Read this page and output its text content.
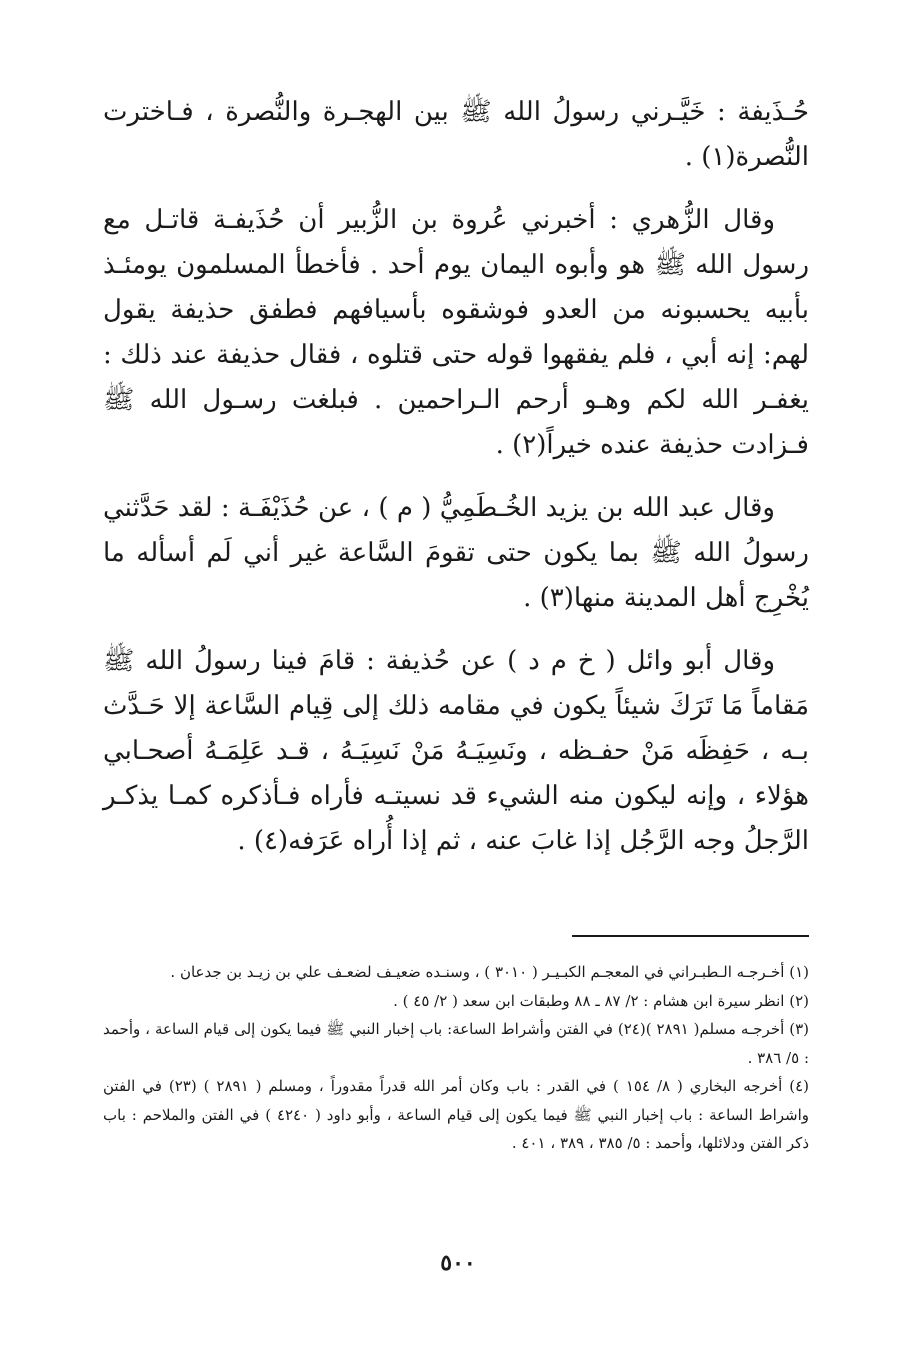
حُـذَيفة : خَيَّـرني رسولُ الله ﷺ بين الهجـرة والنُّصرة ، فـاخترت النُّصرة(١) .

وقال الزُّهري : أخبرني عُروة بن الزُّبير أن حُذَيفـة قاتـل مع رسول الله ﷺ هو وأبوه اليمان يوم أحد . فأخطأ المسلمون يومئـذ بأبيه يحسبونه من العدو فوشقوه بأسيافهم فطفق حذيفة يقول لهم: إنه أبي ، فلم يفقهوا قوله حتى قتلوه ، فقال حذيفة عند ذلك : يغفـر الله لكم وهـو أرحم الـراحمين . فبلغت رسـول الله ﷺ فـزادت حذيفة عنده خيراً(٢) .

وقال عبد الله بن يزيد الخُـطَمِيُّ ( م ) ، عن حُذَيْفَـة : لقد حَدَّثني رسولُ الله ﷺ بما يكون حتى تقومَ السَّاعة غير أني لَم أسأله ما يُخْرِج أهل المدينة منها(٣) .

وقال أبو وائل ( خ م د ) عن حُذيفة : قامَ فينا رسولُ الله ﷺ مَقاماً مَا تَرَكَ شيئاً يكون في مقامه ذلك إلى قِيام السَّاعة إلا حَـدَّث بـه ، حَفِظَه مَنْ حفـظه ، ونَسِيَـهُ مَنْ نَسِيَـهُ ، قـد عَلِمَـهُ أصحـابي هؤلاء ، وإنه ليكون منه الشيء قد نسيتـه فأراه فـأذكره كمـا يذكـر الرَّجلُ وجه الرَّجُل إذا غابَ عنه ، ثم إذا أُراه عَرَفه(٤) .

(١) أخـرجـه الـطبـراني في المعجـم الكبـيـر ( ٣٠١٠ ) ، وسنـده ضعيـف لضعـف علي بن زيـد بن جدعان .

(٢) انظر سيرة ابن هشام : ٢/ ٨٧ ـ ٨٨ وطبقات ابن سعد ( ٢/ ٤٥ ) .

(٣) أخرجـه مسلم( ٢٨٩١ )(٢٤) في الفتن وأشراط الساعة: باب إخبار النبي ﷺ فيما يكون إلى قيام الساعة ، وأحمد : ٥/ ٣٨٦ .

(٤) أخرجه البخاري ( ٨/ ١٥٤ ) في القدر : باب وكان أمر الله قدراً مقدوراً ، ومسلم ( ٢٨٩١ ) (٢٣) في الفتن واشراط الساعة : باب إخبار النبي ﷺ فيما يكون إلى قيام الساعة ، وأبو داود ( ٤٢٤٠ ) في الفتن والملاحم : باب ذكر الفتن ودلائلها، وأحمد : ٥/ ٣٨٥ ، ٣٨٩ ، ٤٠١ .

٥٠٠
